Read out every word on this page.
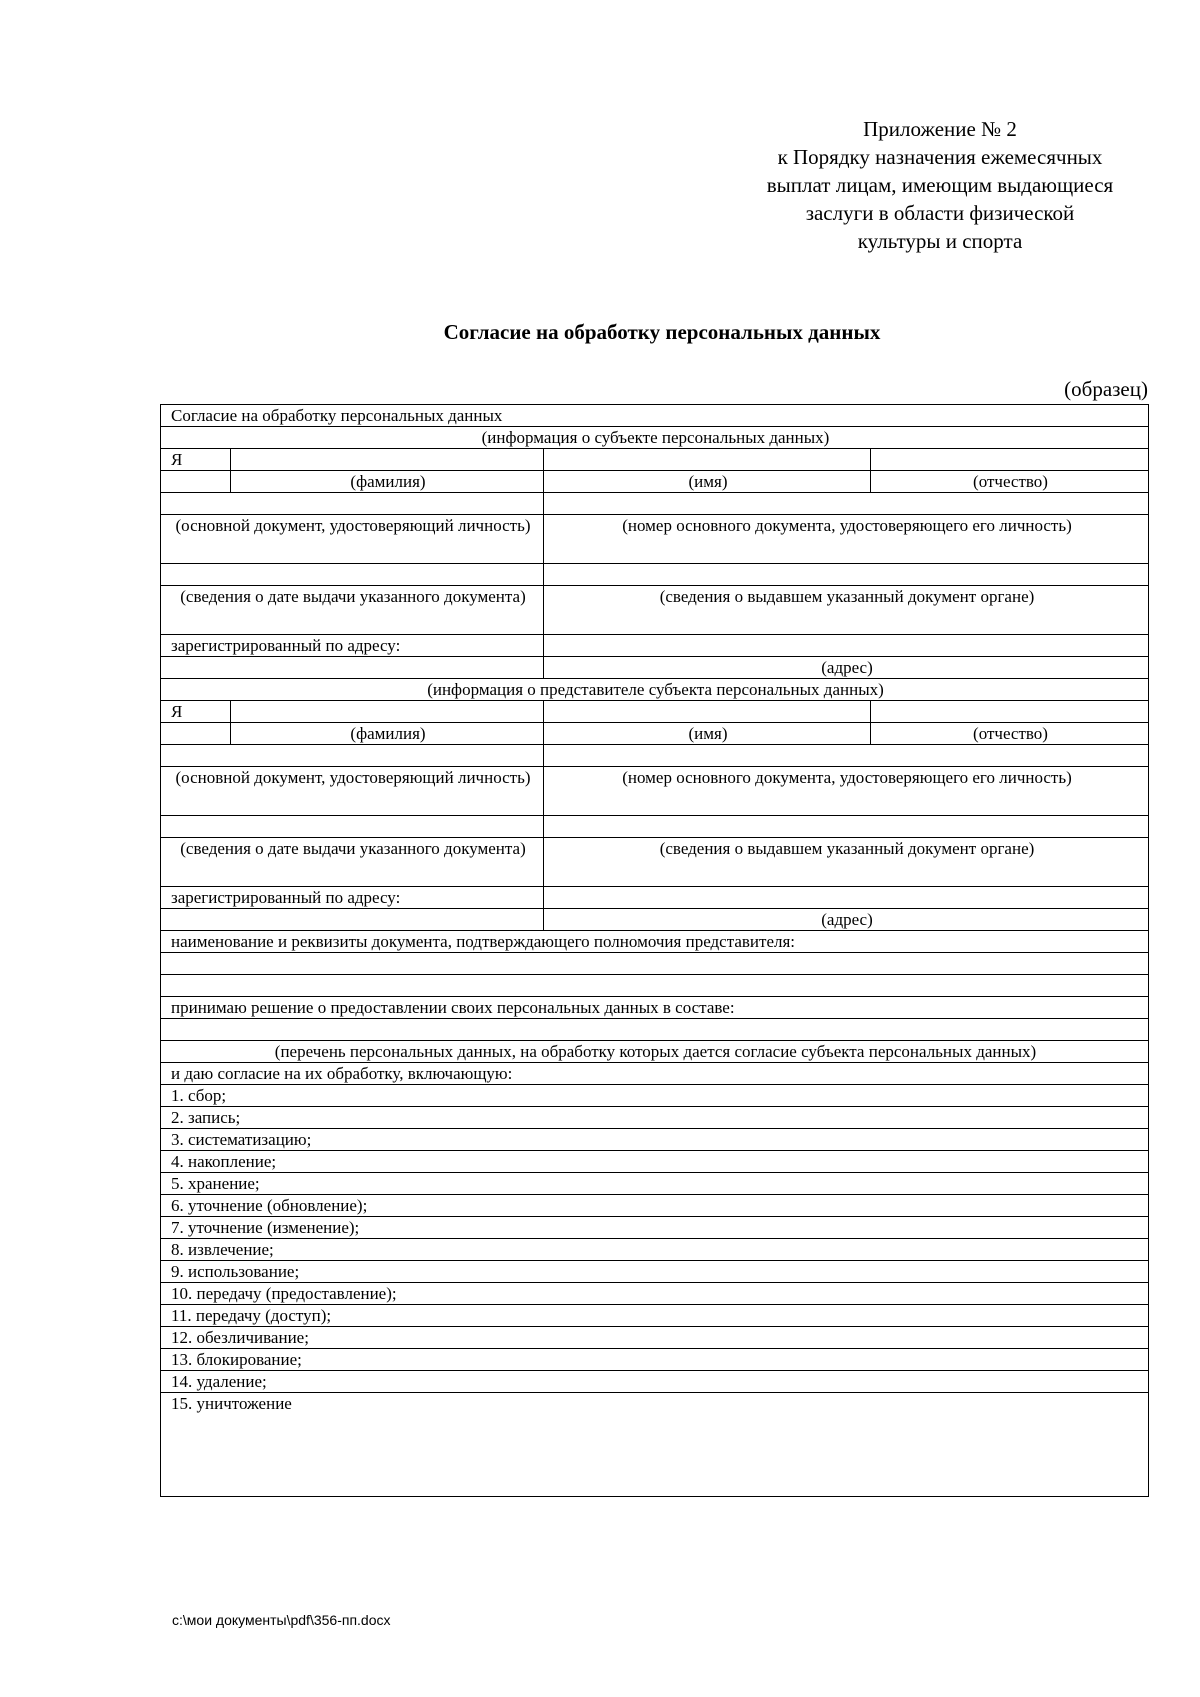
Приложение № 2
к Порядку назначения ежемесячных
выплат лицам, имеющим выдающиеся
заслуги в области физической
культуры и спорта
Согласие на обработку персональных данных
(образец)
Согласие на обработку персональных данных			
(информация о субъекте персональных данных)			
Я			
	(фамилия)	(имя)	(отчество)

(основной документ, удостоверяющий личность)		(номер основного документа, удостоверяющего его личность)	

(сведения о дате выдачи указанного документа)		(сведения о выдавшем указанный документ органе)	
зарегистрированный по адресу:			
		(адрес)	
(информация о представителе субъекта персональных данных)			
Я			
	(фамилия)	(имя)	(отчество)

(основной документ, удостоверяющий личность)		(номер основного документа, удостоверяющего его личность)	

(сведения о дате выдачи указанного документа)		(сведения о выдавшем указанный документ органе)	
зарегистрированный по адресу:			
		(адрес)	
наименование и реквизиты документа, подтверждающего полномочия представителя:			

принимаю решение о предоставлении своих персональных данных в составе:			

(перечень персональных данных, на обработку которых дается согласие субъекта персональных данных)			
и даю согласие на их обработку, включающую:			
1. сбор;			
2. запись;			
3. систематизацию;			
4. накопление;			
5. хранение;			
6. уточнение (обновление);			
7. уточнение (изменение);			
8. извлечение;			
9. использование;			
10. передачу (предоставление);			
11. передачу (доступ);			
12. обезличивание;			
13. блокирование;			
14. удаление;			
15. уничтожение			
с:\мои документы\pdf\356-пп.docx
